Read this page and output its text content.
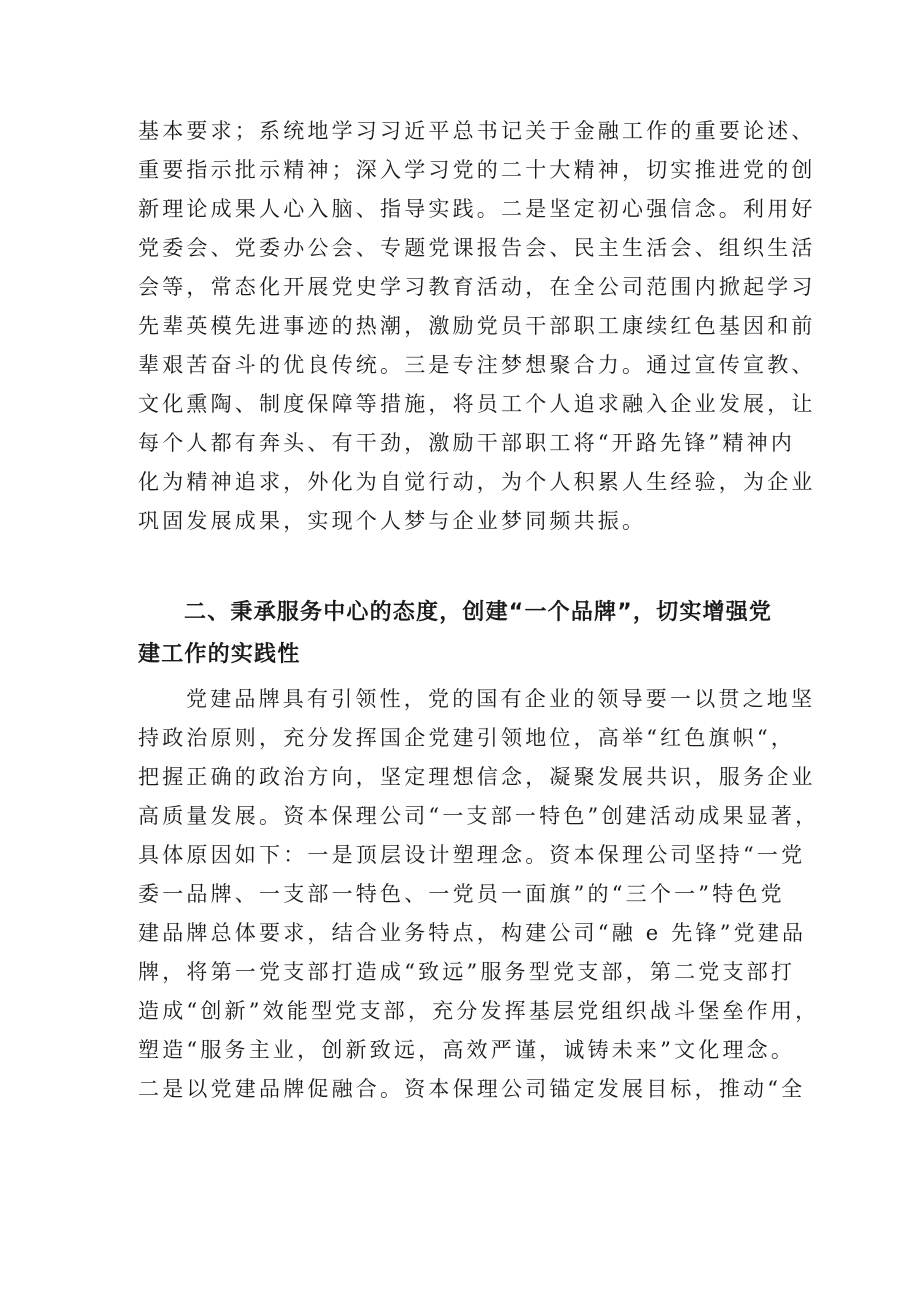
基本要求；系统地学习习近平总书记关于金融工作的重要论述、
重要指示批示精神；深入学习党的二十大精神，切实推进党的创
新理论成果人心入脑、指导实践。二是坚定初心强信念。利用好
党委会、党委办公会、专题党课报告会、民主生活会、组织生活
会等，常态化开展党史学习教育活动，在全公司范围内掀起学习
先辈英模先进事迹的热潮，激励党员干部职工康续红色基因和前
辈艰苦奋斗的优良传统。三是专注梦想聚合力。通过宣传宣教、
文化熏陶、制度保障等措施，将员工个人追求融入企业发展，让
每个人都有奔头、有干劲，激励干部职工将“开路先锋”精神内
化为精神追求，外化为自觉行动，为个人积累人生经验，为企业
巩固发展成果，实现个人梦与企业梦同频共振。
二、秉承服务中心的态度，创建“一个品牌”，切实增强党
建工作的实践性
党建品牌具有引领性，党的国有企业的领导要一以贯之地坚
持政治原则，充分发挥国企党建引领地位，高举“红色旗帜“，
把握正确的政治方向，坚定理想信念，凝聚发展共识，服务企业
高质量发展。资本保理公司“一支部一特色”创建活动成果显著，
具体原因如下：一是顶层设计塑理念。资本保理公司坚持“一党
委一品牌、一支部一特色、一党员一面旗”的“三个一”特色党
建品牌总体要求，结合业务特点，构建公司“融 e 先锋”党建品
牌，将第一党支部打造成“致远”服务型党支部，第二党支部打
造成“创新”效能型党支部，充分发挥基层党组织战斗堡垒作用，
塑造“服务主业，创新致远，高效严谨，诚铸未来”文化理念。
二是以党建品牌促融合。资本保理公司锚定发展目标，推动“全
